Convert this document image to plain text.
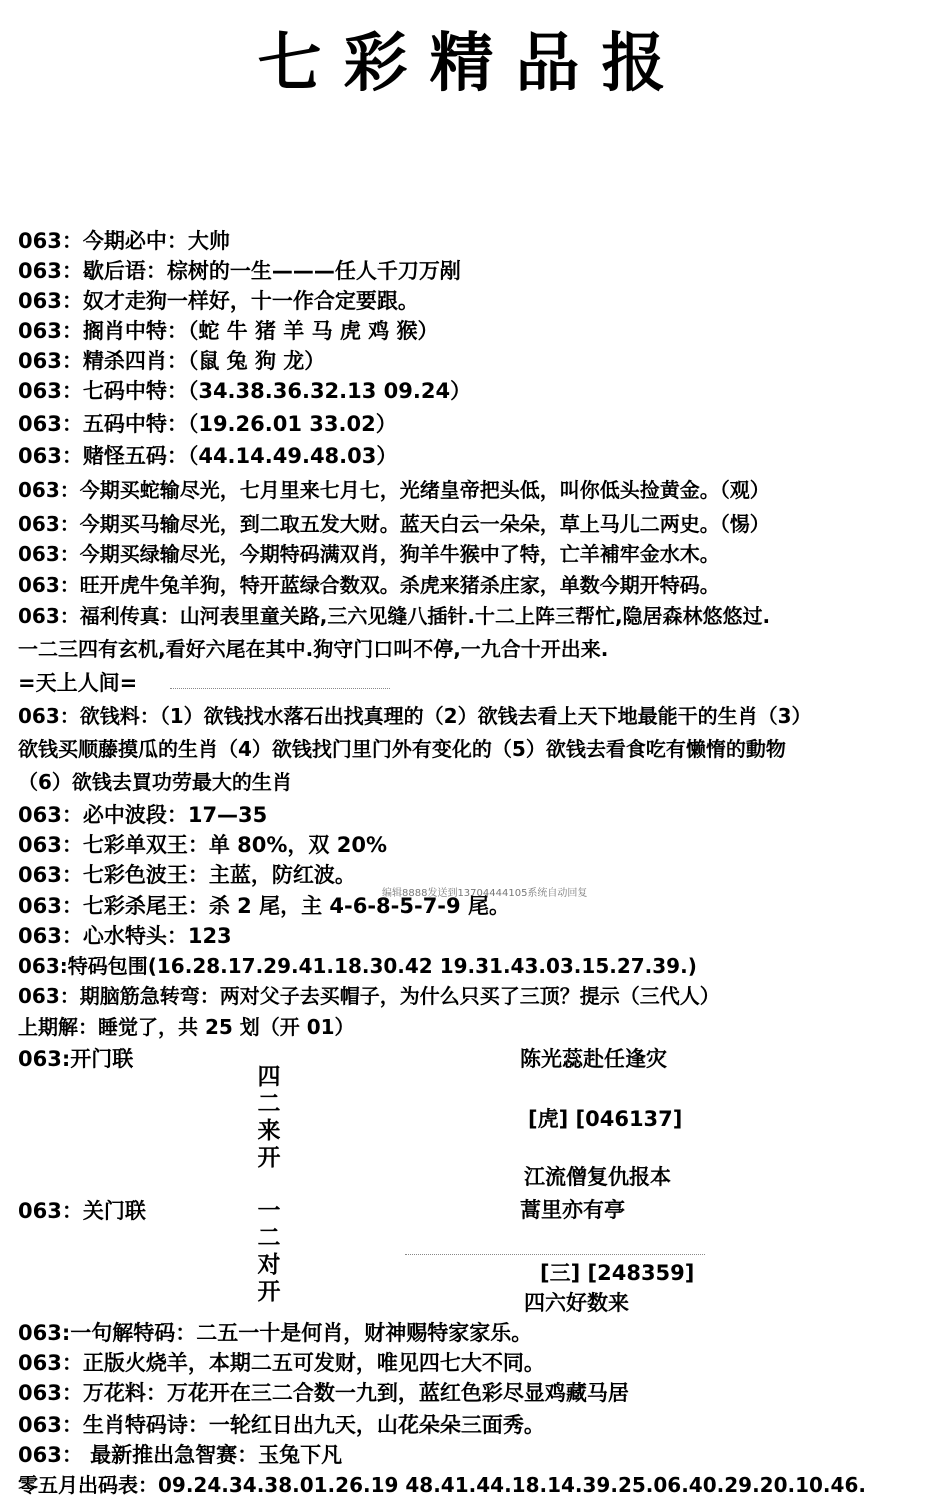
七彩精品报
063：今期必中：大帅
063：歇后语：棕树的一生———任人千刀万剐
063：奴才走狗一样好，十一作合定要跟。
063：搁肖中特：（蛇 牛 猪 羊 马 虎 鸡 猴）
063：精杀四肖：（鼠 兔 狗 龙）
063：七码中特：（34.38.36.32.13 09.24）
063：五码中特：（19.26.01 33.02）
063：赌怪五码：（44.14.49.48.03）
063：今期买蛇输尽光，七月里来七月七，光绪皇帝把头低，叫你低头捡黄金。（观）
063：今期买马输尽光，到二取五发大财。蓝天白云一朵朵，草上马儿二两史。（惕）
063：今期买绿输尽光，今期特码满双肖，狗羊牛猴中了特，亡羊補牢金水木。
063：旺开虎牛兔羊狗，特开蓝绿合数双。杀虎来猪杀庄家，单数今期开特码。
063：福利传真：山河表里童关路,三六见缝八插针.十二上阵三帮忙,隐居森林悠悠过.
一二三四有玄机,看好六尾在其中.狗守门口叫不停,一九合十开出来.
=天上人间=
063：欲钱料：（1）欲钱找水落石出找真理的（2）欲钱去看上天下地最能干的生肖（3）
欲钱买顺藤摸瓜的生肖（4）欲钱找门里门外有变化的（5）欲钱去看食吃有懒惰的動物
（6）欲钱去買功劳最大的生肖
063：必中波段：17—35
063：七彩单双王：单 80%，双 20%
063：七彩色波王：主蓝，防红波。
编辑8888发送到13704444105系统自动回复
063：七彩杀尾王：杀 2 尾，主 4-6-8-5-7-9 尾。
063：心水特头：123
063:特码包围(16.28.17.29.41.18.30.42 19.31.43.03.15.27.39.)
063：期脑筋急转弯：两对父子去买帽子，为什么只买了三顶？提示（三代人）
上期解：睡觉了，共 25 划（开 01）
063:开门联
四二来开
陈光蕊赴任逢灾
[虎] [046137]
江流僧复仇报本
063：关门联	一二对开
蒿里亦有亭
[三] [248359]
四六好数来
063:一句解特码：二五一十是何肖，财神赐特家家乐。
063：正版火烧羊，本期二五可发财，唯见四七大不同。
063：万花料：万花开在三二合数一九到，蓝红色彩尽显鸡藏马居
063：生肖特码诗：一轮红日出九天，山花朵朵三面秀。
063： 最新推出急智赛：玉兔下凡
零五月出码表：09.24.34.38.01.26.19 48.41.44.18.14.39.25.06.40.29.20.10.46.
